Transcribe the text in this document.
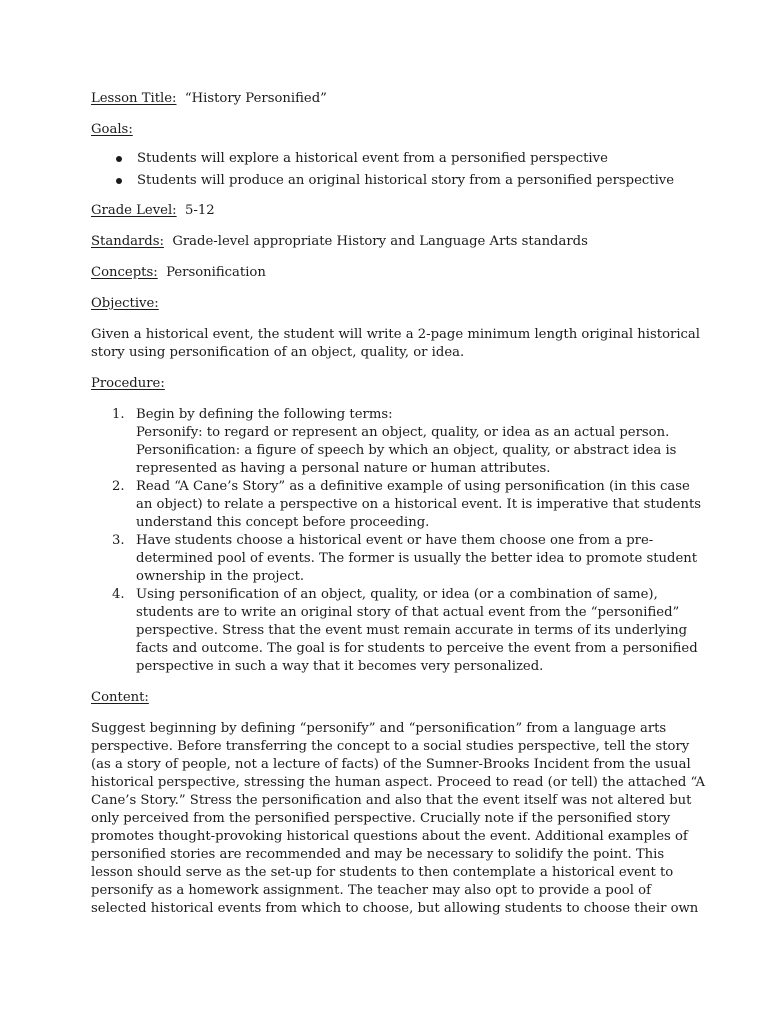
Lesson Title: “History Personified”
Goals:
Students will explore a historical event from a personified perspective
Students will produce an original historical story from a personified perspective
Grade Level: 5-12
Standards: Grade-level appropriate History and Language Arts standards
Concepts: Personification
Objective:
Given a historical event, the student will write a 2-page minimum length original historical
story using personification of an object, quality, or idea.
Procedure:
1. Begin by defining the following terms:
Personify: to regard or represent an object, quality, or idea as an actual person.
Personification: a figure of speech by which an object, quality, or abstract idea is
represented as having a personal nature or human attributes.
2. Read “A Cane’s Story” as a definitive example of using personification (in this case
an object) to relate a perspective on a historical event. It is imperative that students
understand this concept before proceeding.
3. Have students choose a historical event or have them choose one from a pre-
determined pool of events. The former is usually the better idea to promote student
ownership in the project.
4. Using personification of an object, quality, or idea (or a combination of same),
students are to write an original story of that actual event from the “personified”
perspective. Stress that the event must remain accurate in terms of its underlying
facts and outcome. The goal is for students to perceive the event from a personified
perspective in such a way that it becomes very personalized.
Content:
Suggest beginning by defining “personify” and “personification” from a language arts
perspective. Before transferring the concept to a social studies perspective, tell the story
(as a story of people, not a lecture of facts) of the Sumner-Brooks Incident from the usual
historical perspective, stressing the human aspect. Proceed to read (or tell) the attached “A
Cane’s Story.” Stress the personification and also that the event itself was not altered but
only perceived from the personified perspective. Crucially note if the personified story
promotes thought-provoking historical questions about the event. Additional examples of
personified stories are recommended and may be necessary to solidify the point. This
lesson should serve as the set-up for students to then contemplate a historical event to
personify as a homework assignment. The teacher may also opt to provide a pool of
selected historical events from which to choose, but allowing students to choose their own
